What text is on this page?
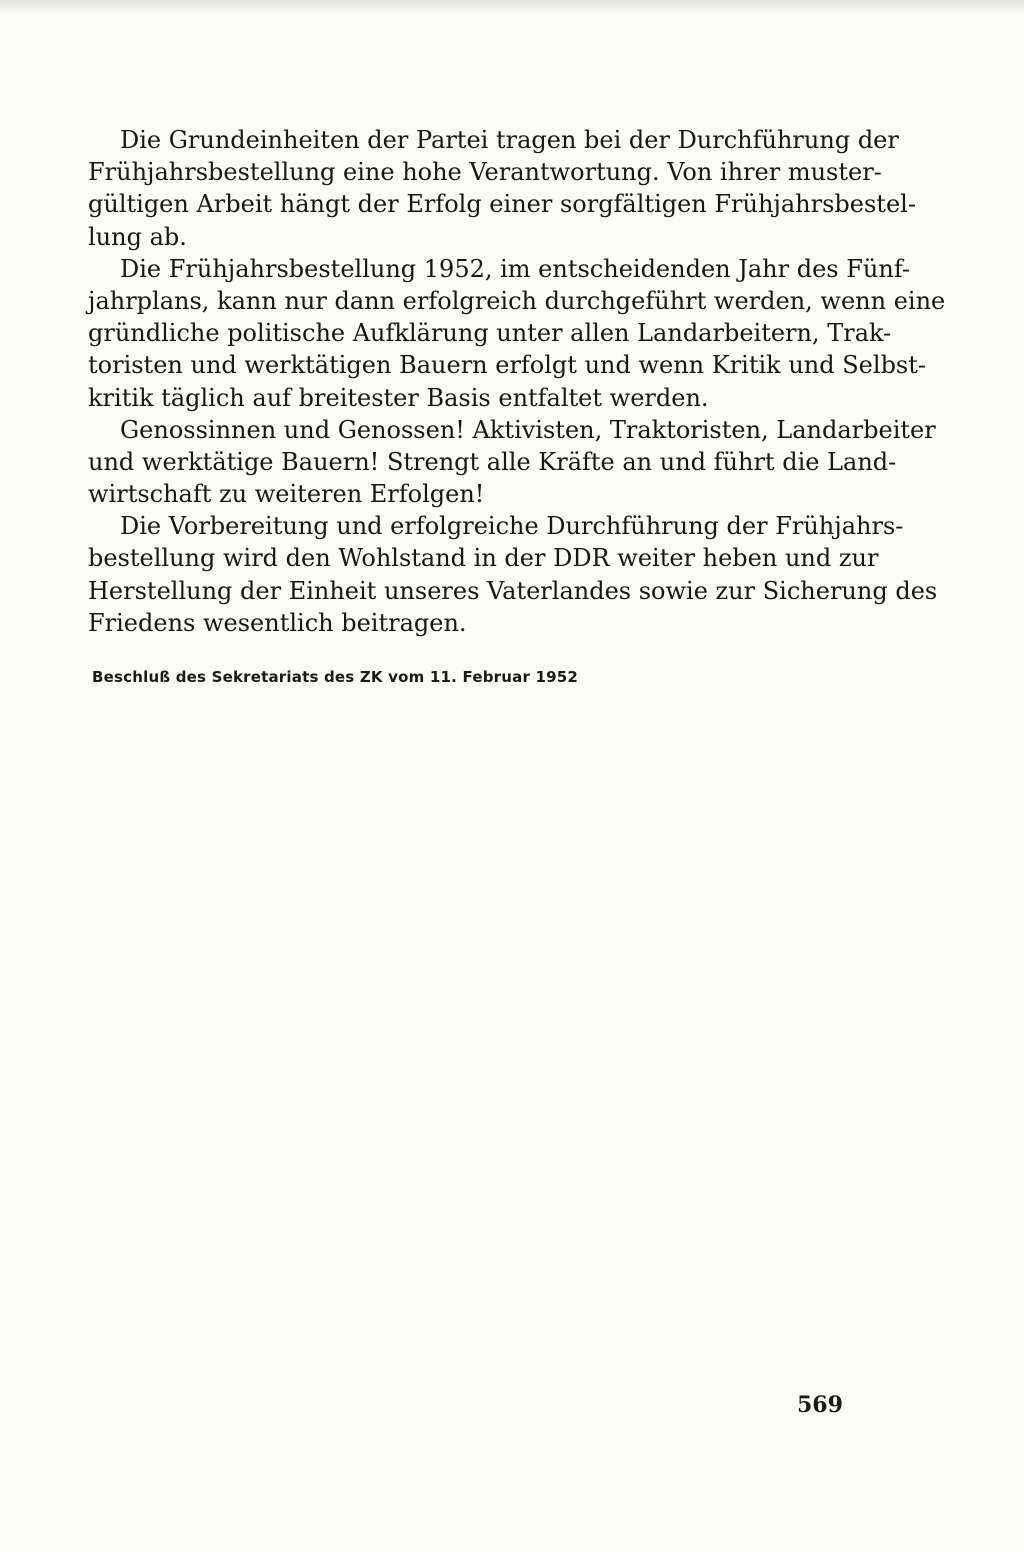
Die Grundeinheiten der Partei tragen bei der Durchführung der
Frühjahrsbestellung eine hohe Verantwortung. Von ihrer muster-
gültigen Arbeit hängt der Erfolg einer sorgfältigen Frühjahrsbestel-
lung ab.
Die Frühjahrsbestellung 1952, im entscheidenden Jahr des Fünf-
jahrplans, kann nur dann erfolgreich durchgeführt werden, wenn eine
gründliche politische Aufklärung unter allen Landarbeitern, Trak-
toristen und werktätigen Bauern erfolgt und wenn Kritik und Selbst-
kritik täglich auf breitester Basis entfaltet werden.
Genossinnen und Genossen! Aktivisten, Traktoristen, Landarbeiter
und werktätige Bauern! Strengt alle Kräfte an und führt die Land-
wirtschaft zu weiteren Erfolgen!
Die Vorbereitung und erfolgreiche Durchführung der Frühjahrs-
bestellung wird den Wohlstand in der DDR weiter heben und zur
Herstellung der Einheit unseres Vaterlandes sowie zur Sicherung des
Friedens wesentlich beitragen.
Beschluß des Sekretariats des ZK vom 11. Februar 1952
569
